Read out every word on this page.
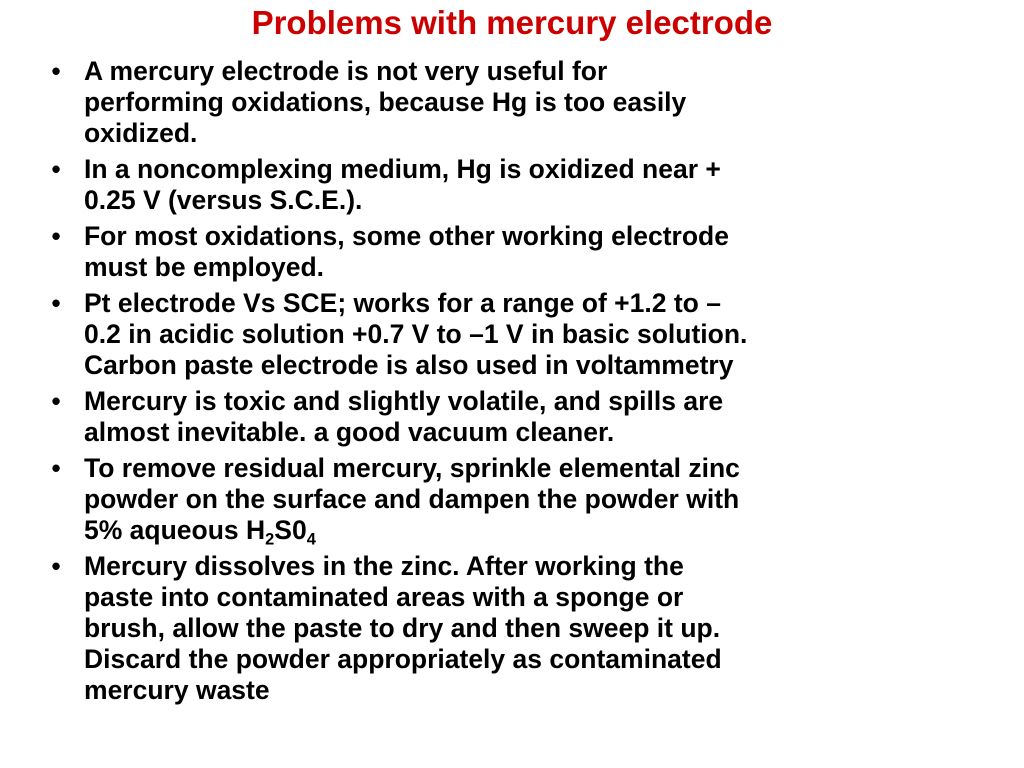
Problems with mercury electrode
• A mercury electrode is not very useful for
performing oxidations, because Hg is too easily
oxidized.
• In a noncomplexing medium, Hg is oxidized near +
0.25 V (versus S.C.E.).
• For most oxidations, some other working electrode
must be employed.
• Pt electrode Vs SCE; works for a range of +1.2 to –
0.2 in acidic solution +0.7 V to –1 V in basic solution.
Carbon paste electrode is also used in voltammetry
• Mercury is toxic and slightly volatile, and spills are
almost inevitable. a good vacuum cleaner.
• To remove residual mercury, sprinkle elemental zinc
powder on the surface and dampen the powder with
5% aqueous $H_2S0_4$
• Mercury dissolves in the zinc. After working the
paste into contaminated areas with a sponge or
brush, allow the paste to dry and then sweep it up.
Discard the powder appropriately as contaminated
mercury waste
